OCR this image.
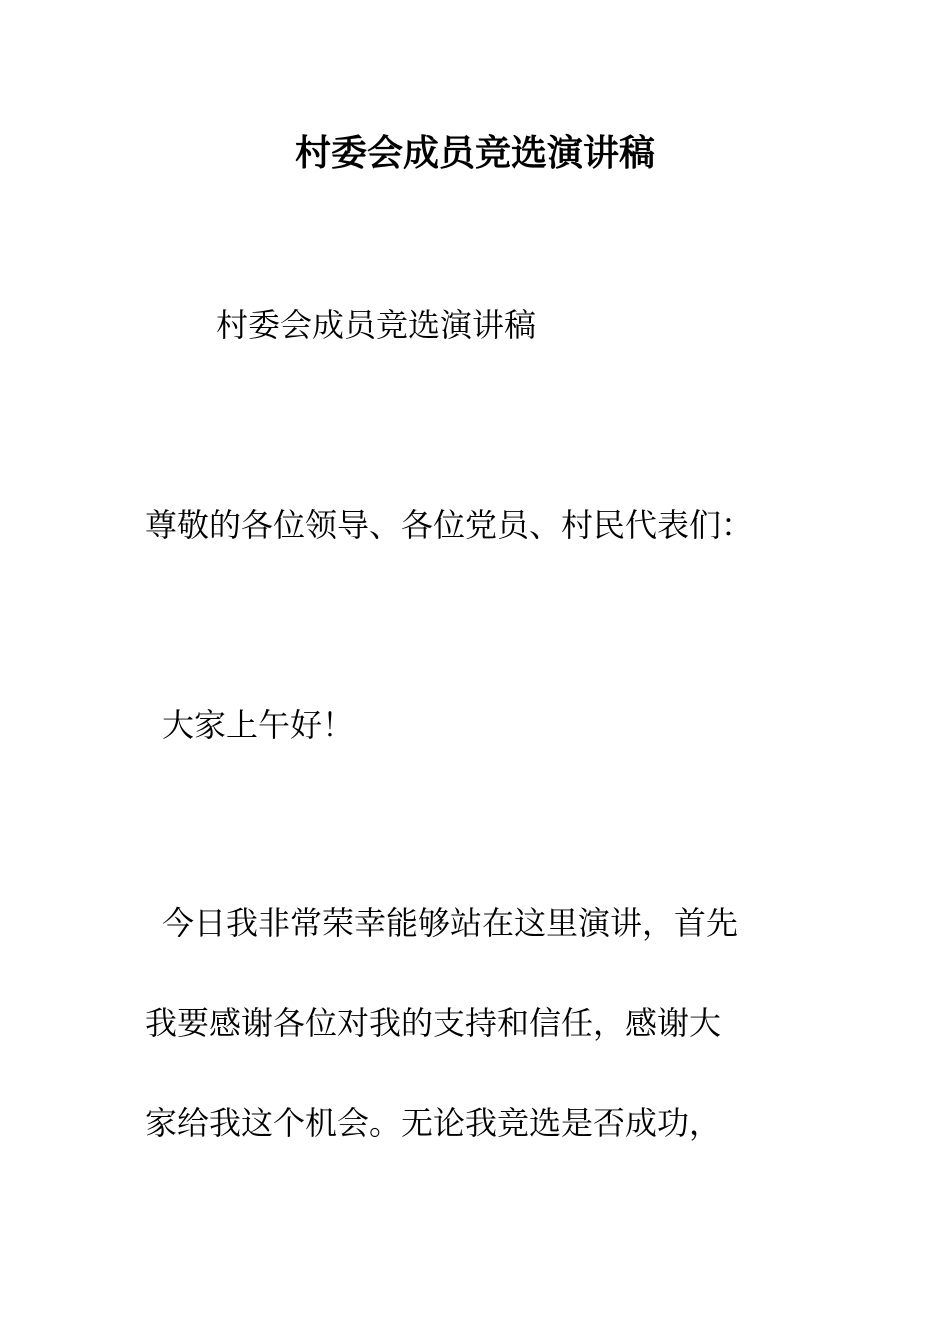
村委会成员竞选演讲稿
村委会成员竞选演讲稿
尊敬的各位领导、各位党员、村民代表们：
大家上午好！
今日我非常荣幸能够站在这里演讲，首先
我要感谢各位对我的支持和信任，感谢大
家给我这个机会。无论我竞选是否成功，
